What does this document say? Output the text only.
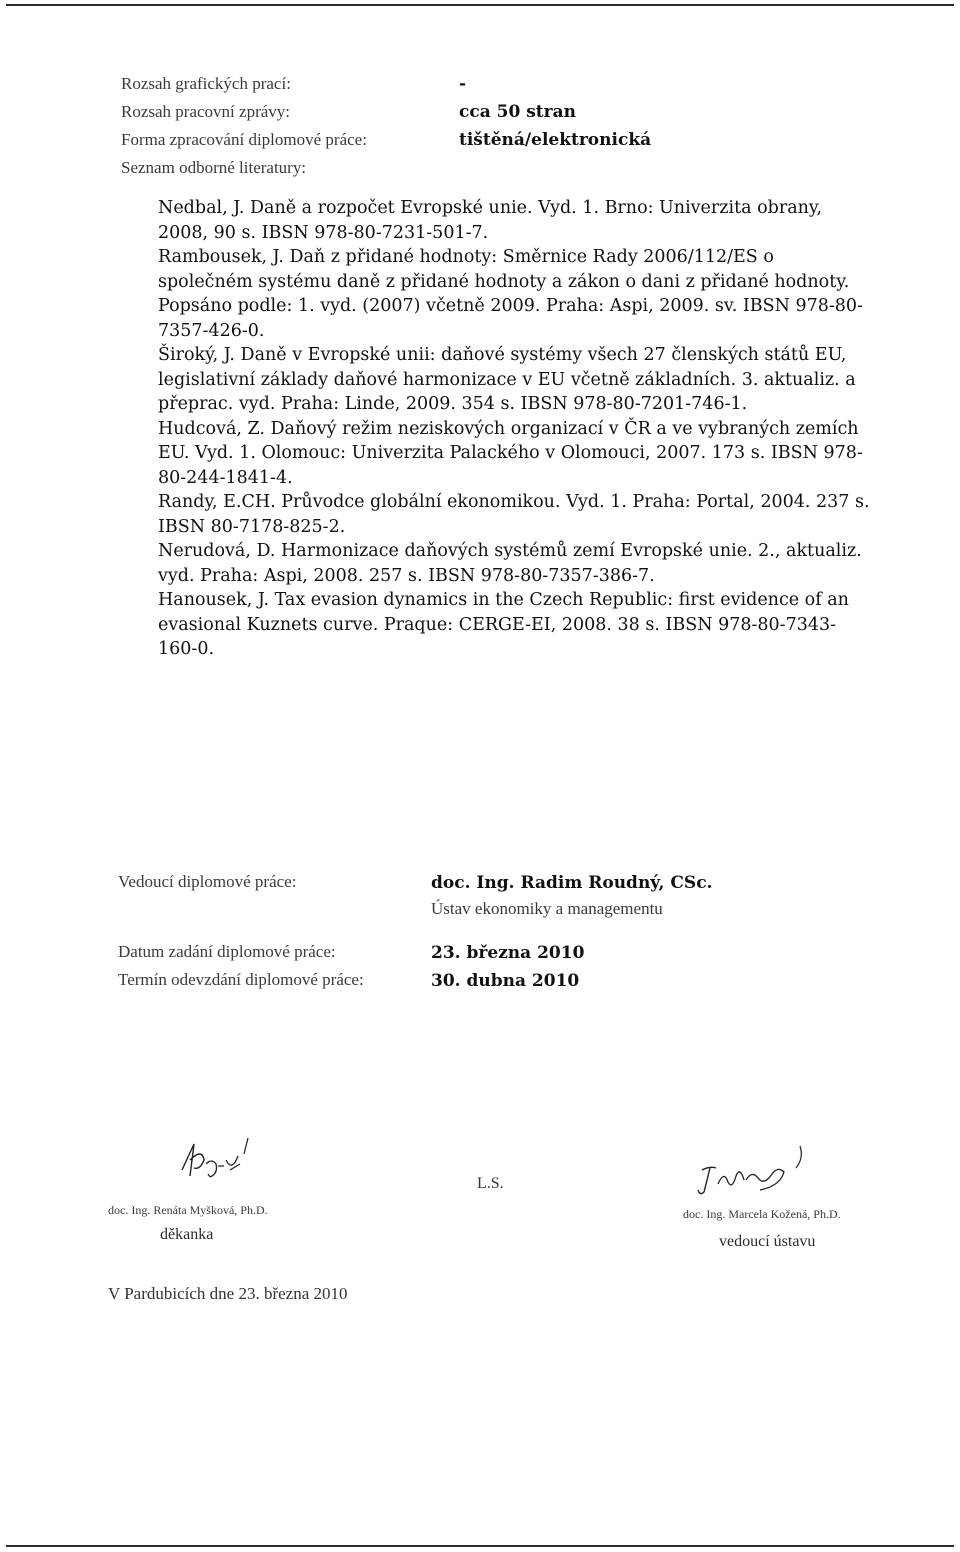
Rozsah grafických prací:	-
Rozsah pracovní zprávy:	cca 50 stran
Forma zpracování diplomové práce:	tištěná/elektronická
Seznam odborné literatury:

Nedbal, J. Daně a rozpočet Evropské unie. Vyd. 1. Brno: Univerzita obrany, 2008, 90 s. IBSN 978-80-7231-501-7.

Rambousek, J. Daň z přidané hodnoty: Směrnice Rady 2006/112/ES o společném systému daně z přidané hodnoty a zákon o dani z přidané hodnoty. Popsáno podle: 1. vyd. (2007) včetně 2009. Praha: Aspi, 2009. sv. IBSN 978-80-7357-426-0.

Široký, J. Daně v Evropské unii: daňové systémy všech 27 členských států EU, legislativní základy daňové harmonizace v EU včetně základních. 3. aktualiz. a přeprac. vyd. Praha: Linde, 2009. 354 s. IBSN 978-80-7201-746-1.

Hudcová, Z. Daňový režim neziskových organizací v ČR a ve vybraných zemích EU. Vyd. 1. Olomouc: Univerzita Palackého v Olomouci, 2007. 173 s. IBSN 978-80-244-1841-4.

Randy, E.CH. Průvodce globální ekonomikou. Vyd. 1. Praha: Portal, 2004. 237 s. IBSN 80-7178-825-2.

Nerudová, D. Harmonizace daňových systémů zemí Evropské unie. 2., aktualiz. vyd. Praha: Aspi, 2008. 257 s. IBSN 978-80-7357-386-7.

Hanousek, J. Tax evasion dynamics in the Czech Republic: first evidence of an evasional Kuznets curve. Praque: CERGE-EI, 2008. 38 s. IBSN 978-80-7343-160-0.

Vedoucí diplomové práce:	doc. Ing. Radim Roudný, CSc.
Ústav ekonomiky a managementu
Datum zadání diplomové práce:	23. března 2010
Termín odevzdání diplomové práce:	30. dubna 2010
doc. Ing. Renáta Myšková, Ph.D.
děkanka
L.S.
doc. Ing. Marcela Kožená, Ph.D.
vedoucí ústavu
V Pardubicích dne 23. března 2010
